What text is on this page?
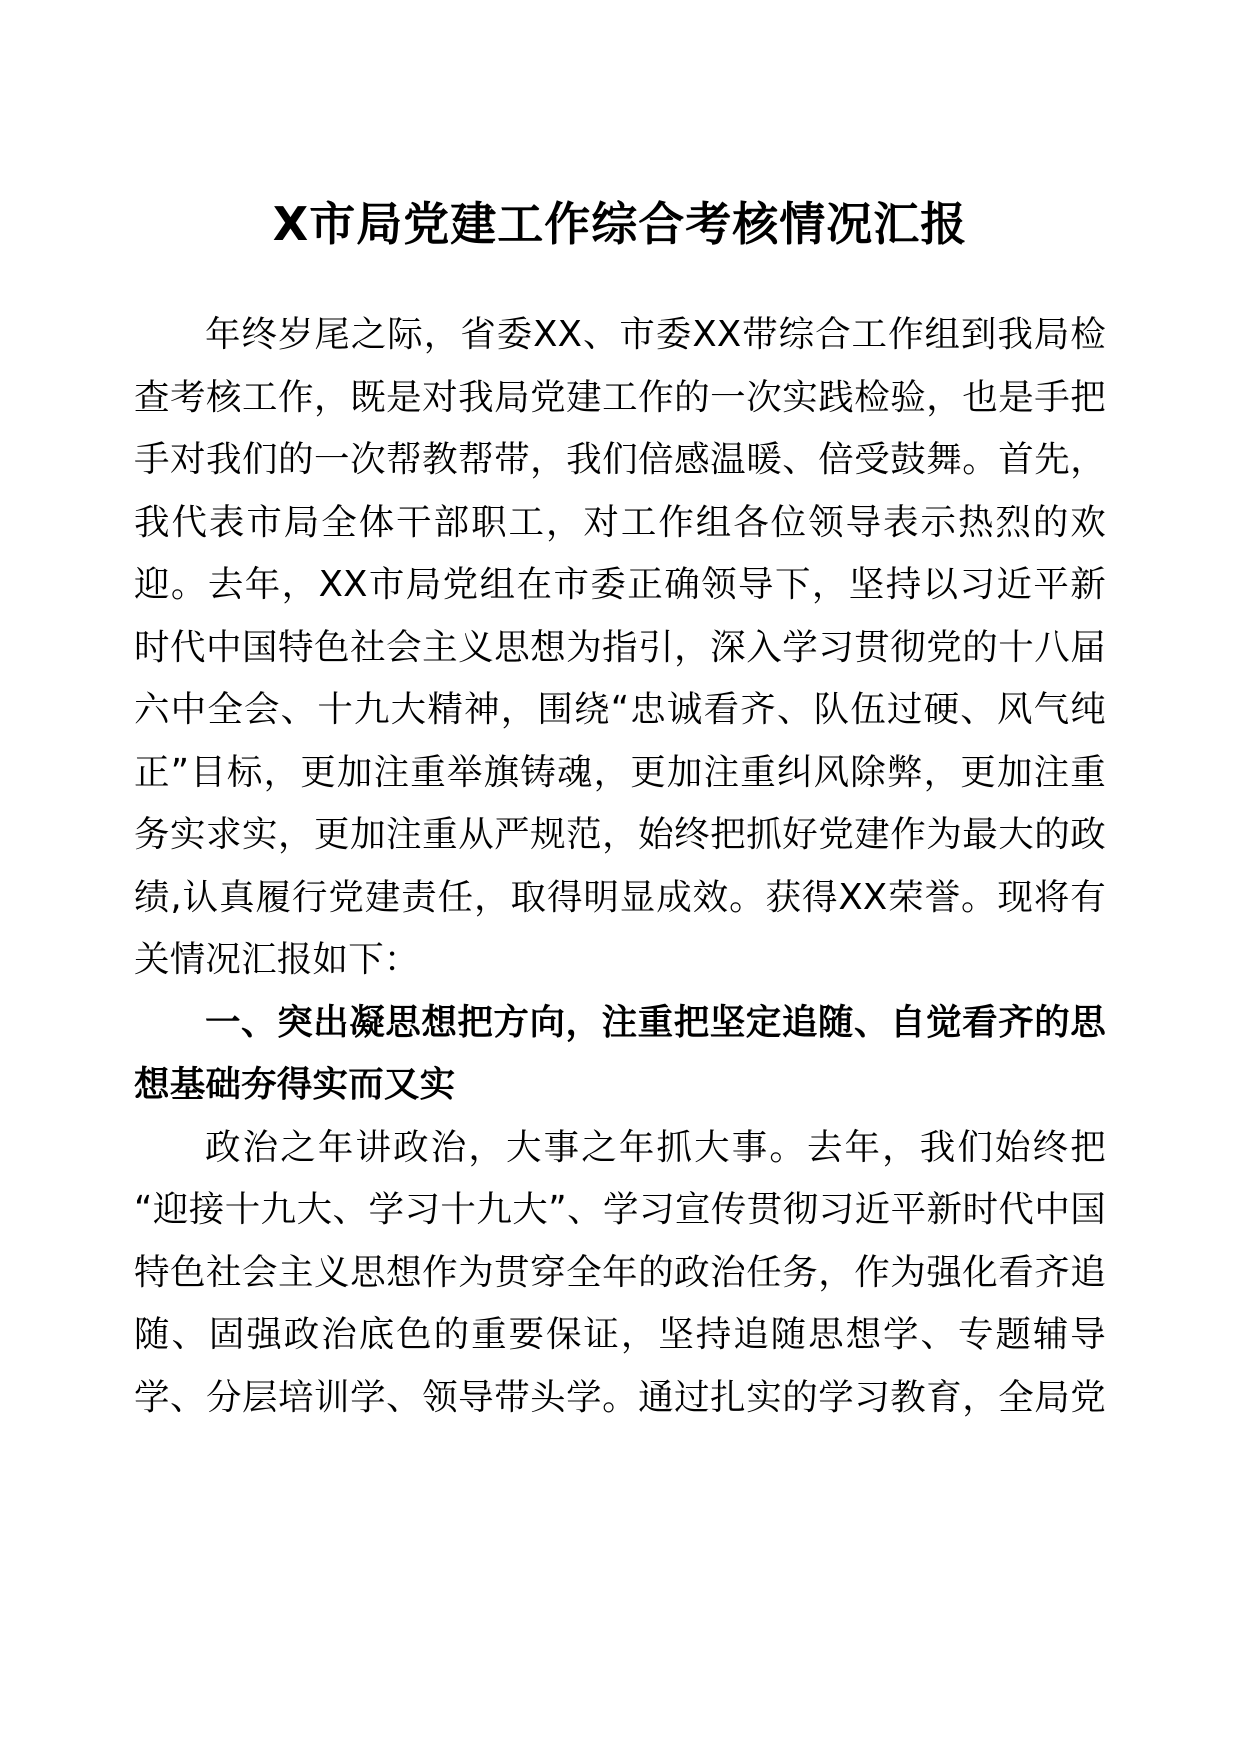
X市局党建工作综合考核情况汇报

年终岁尾之际，省委XX、市委XX带综合工作组到我局检查考核工作，既是对我局党建工作的一次实践检验，也是手把手对我们的一次帮教帮带，我们倍感温暖、倍受鼓舞。首先，我代表市局全体干部职工，对工作组各位领导表示热烈的欢迎。去年，XX市局党组在市委正确领导下，坚持以习近平新时代中国特色社会主义思想为指引，深入学习贯彻党的十八届六中全会、十九大精神，围绕“忠诚看齐、队伍过硬、风气纯正”目标，更加注重举旗铸魂，更加注重纠风除弊，更加注重务实求实，更加注重从严规范，始终把抓好党建作为最大的政绩,认真履行党建责任，取得明显成效。获得XX荣誉。现将有关情况汇报如下：

一、突出凝思想把方向，注重把坚定追随、自觉看齐的思想基础夯得实而又实

政治之年讲政治，大事之年抓大事。去年，我们始终把“迎接十九大、学习十九大”、学习宣传贯彻习近平新时代中国特色社会主义思想作为贯穿全年的政治任务，作为强化看齐追随、固强政治底色的重要保证，坚持追随思想学、专题辅导学、分层培训学、领导带头学。通过扎实的学习教育，全局党
